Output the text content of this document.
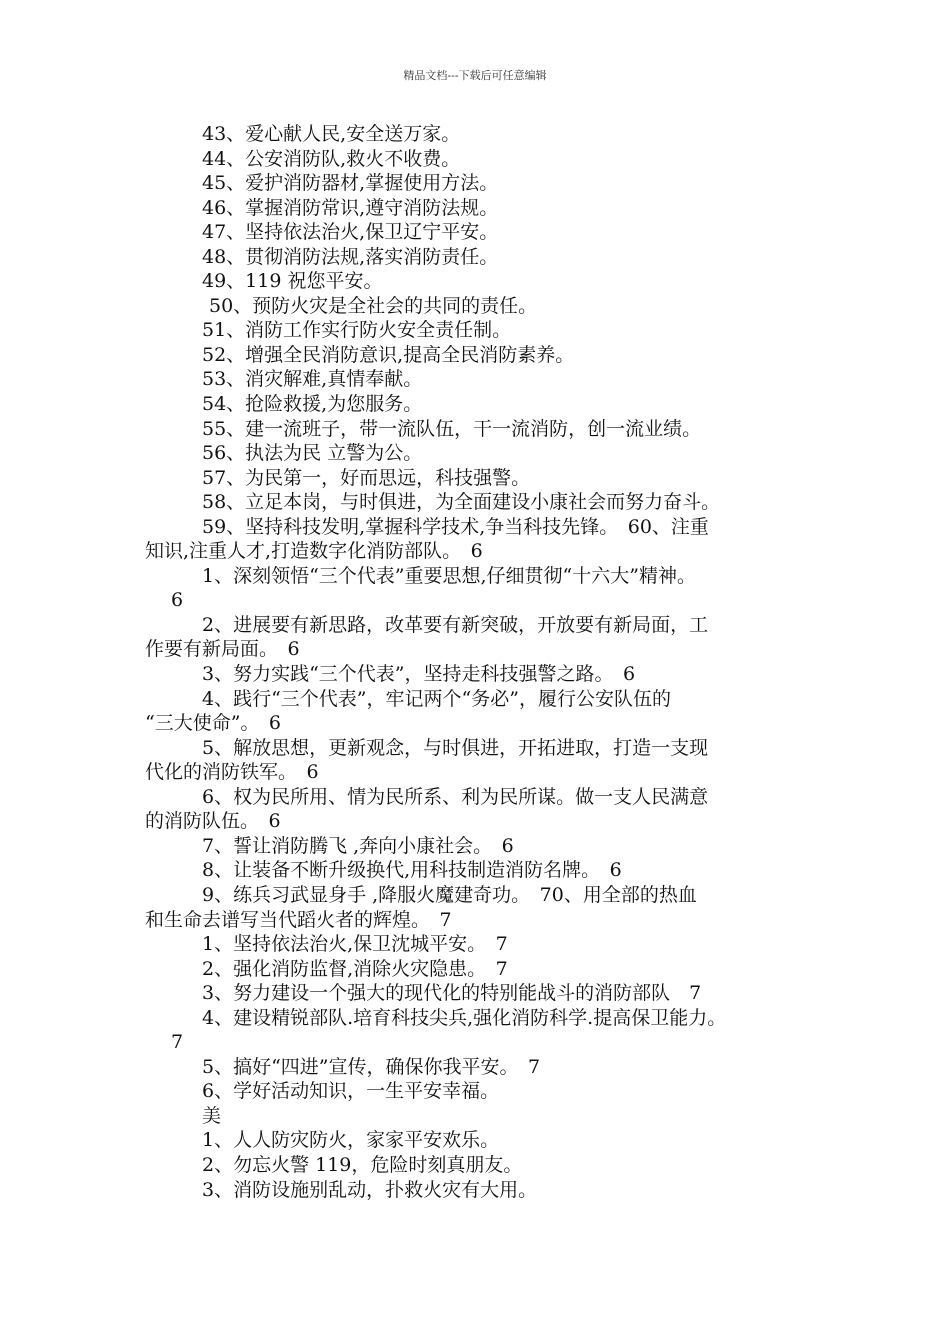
精品文档---下载后可任意编辑
43、爱心献人民,安全送万家。
44、公安消防队,救火不收费。
45、爱护消防器材,掌握使用方法。
46、掌握消防常识,遵守消防法规。
47、坚持依法治火,保卫辽宁平安。
48、贯彻消防法规,落实消防责任。
49、119 祝您平安。
50、预防火灾是全社会的共同的责任。
51、消防工作实行防火安全责任制。
52、增强全民消防意识,提高全民消防素养。
53、消灾解难,真情奉献。
54、抢险救援,为您服务。
55、建一流班子，带一流队伍，干一流消防，创一流业绩。
56、执法为民 立警为公。
57、为民第一，好而思远，科技强警。
58、立足本岗，与时俱进，为全面建设小康社会而努力奋斗。
59、坚持科技发明,掌握科学技术,争当科技先锋。　60、注重
知识,注重人才,打造数字化消防部队。　6
1、深刻领悟“三个代表”重要思想,仔细贯彻“十六大”精神。
6
2、进展要有新思路，改革要有新突破，开放要有新局面，工
作要有新局面。　6
3、努力实践“三个代表”，坚持走科技强警之路。　6
4、践行“三个代表”，牢记两个“务必”，履行公安队伍的
“三大使命”。　6
5、解放思想，更新观念，与时俱进，开拓进取，打造一支现
代化的消防铁军。　6
6、权为民所用、情为民所系、利为民所谋。做一支人民满意
的消防队伍。　6
7、誓让消防腾飞 ,奔向小康社会。　6
8、让装备不断升级换代,用科技制造消防名牌。　6
9、练兵习武显身手 ,降服火魔建奇功。　70、用全部的热血
和生命去谱写当代蹈火者的辉煌。　7
1、坚持依法治火,保卫沈城平安。　7
2、强化消防监督,消除火灾隐患。　7
3、努力建设一个强大的现代化的特别能战斗的消防部队　7
4、建设精锐部队.培育科技尖兵,强化消防科学.提高保卫能力。
7
5、搞好“四进”宣传，确保你我平安。　7
6、学好活动知识，一生平安幸福。
美
1、人人防灾防火，家家平安欢乐。
2、勿忘火警 119，危险时刻真朋友。
3、消防设施别乱动，扑救火灾有大用。
